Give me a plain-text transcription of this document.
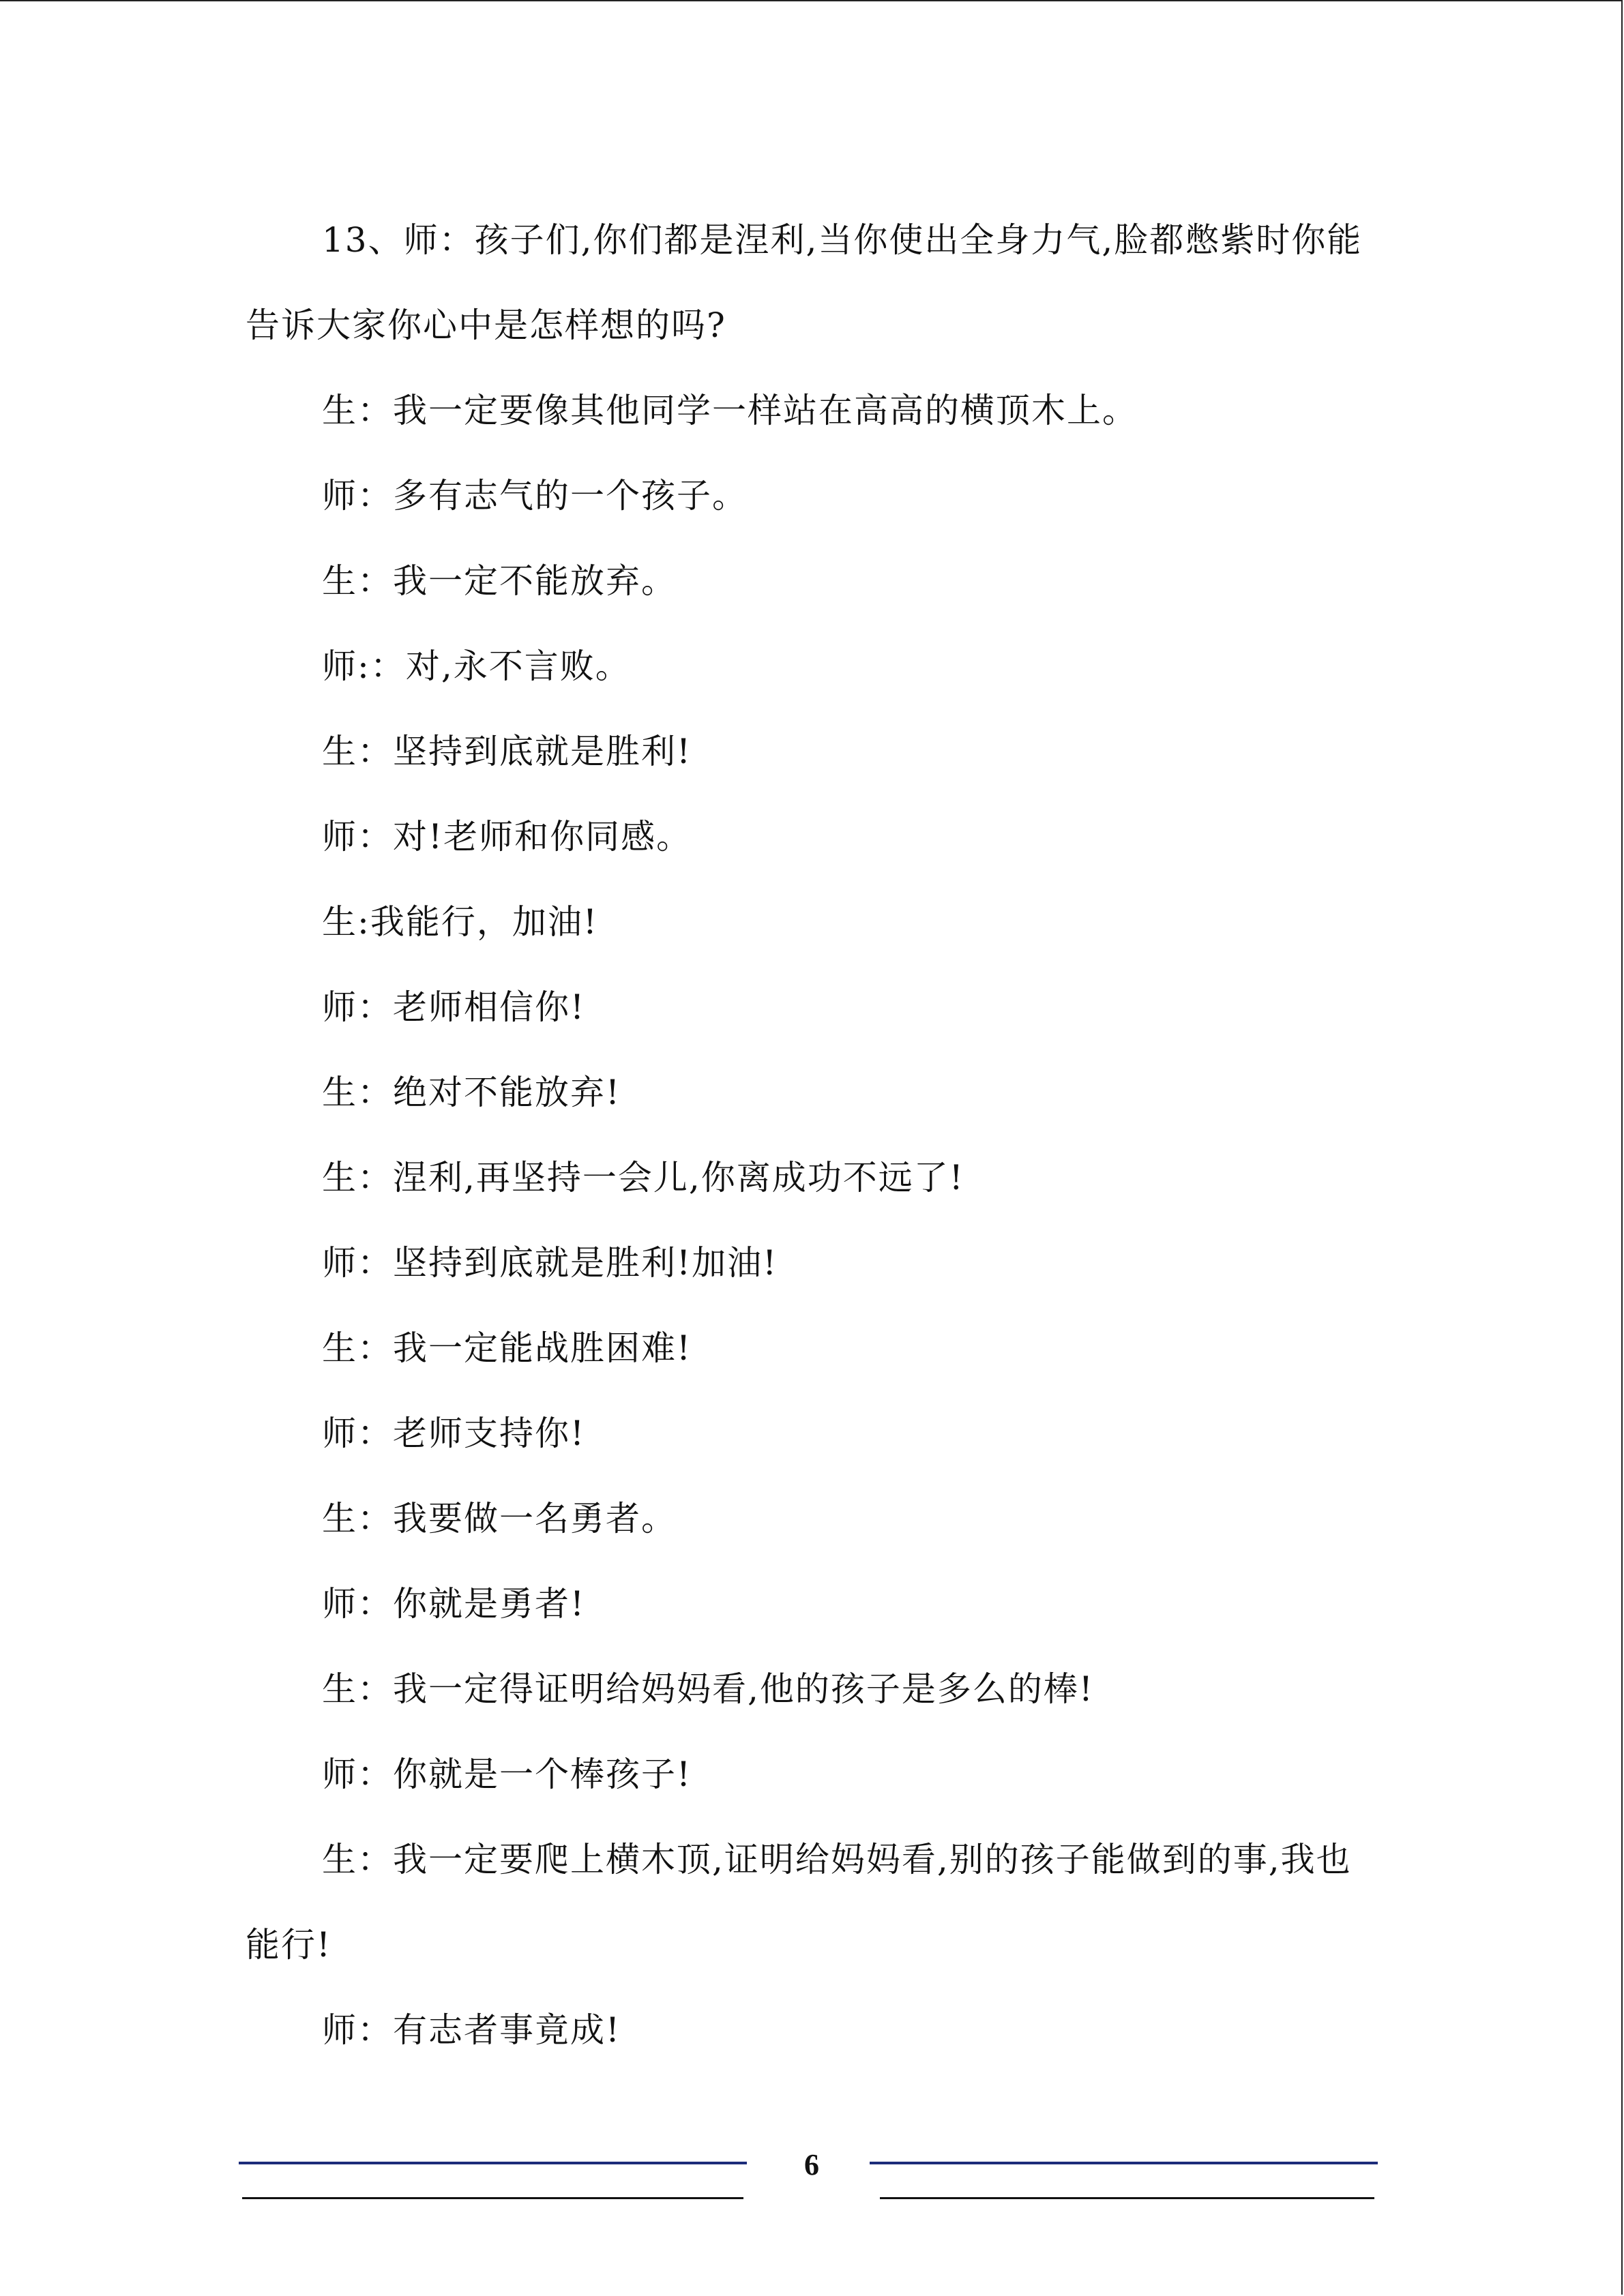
13、师：孩子们,你们都是涅利,当你使出全身力气,脸都憋紫时你能告诉大家你心中是怎样想的吗?

生：我一定要像其他同学一样站在高高的横顶木上。

师：多有志气的一个孩子。

生：我一定不能放弃。

师:：对,永不言败。

生：坚持到底就是胜利!

师：对!老师和你同感。

生:我能行，加油!

师：老师相信你!

生：绝对不能放弃!

生：涅利,再坚持一会儿,你离成功不远了!

师：坚持到底就是胜利!加油!

生：我一定能战胜困难!

师：老师支持你!

生：我要做一名勇者。

师：你就是勇者!

生：我一定得证明给妈妈看,他的孩子是多么的棒!

师：你就是一个棒孩子!

生：我一定要爬上横木顶,证明给妈妈看,别的孩子能做到的事,我也能行!

师：有志者事竟成!

6
